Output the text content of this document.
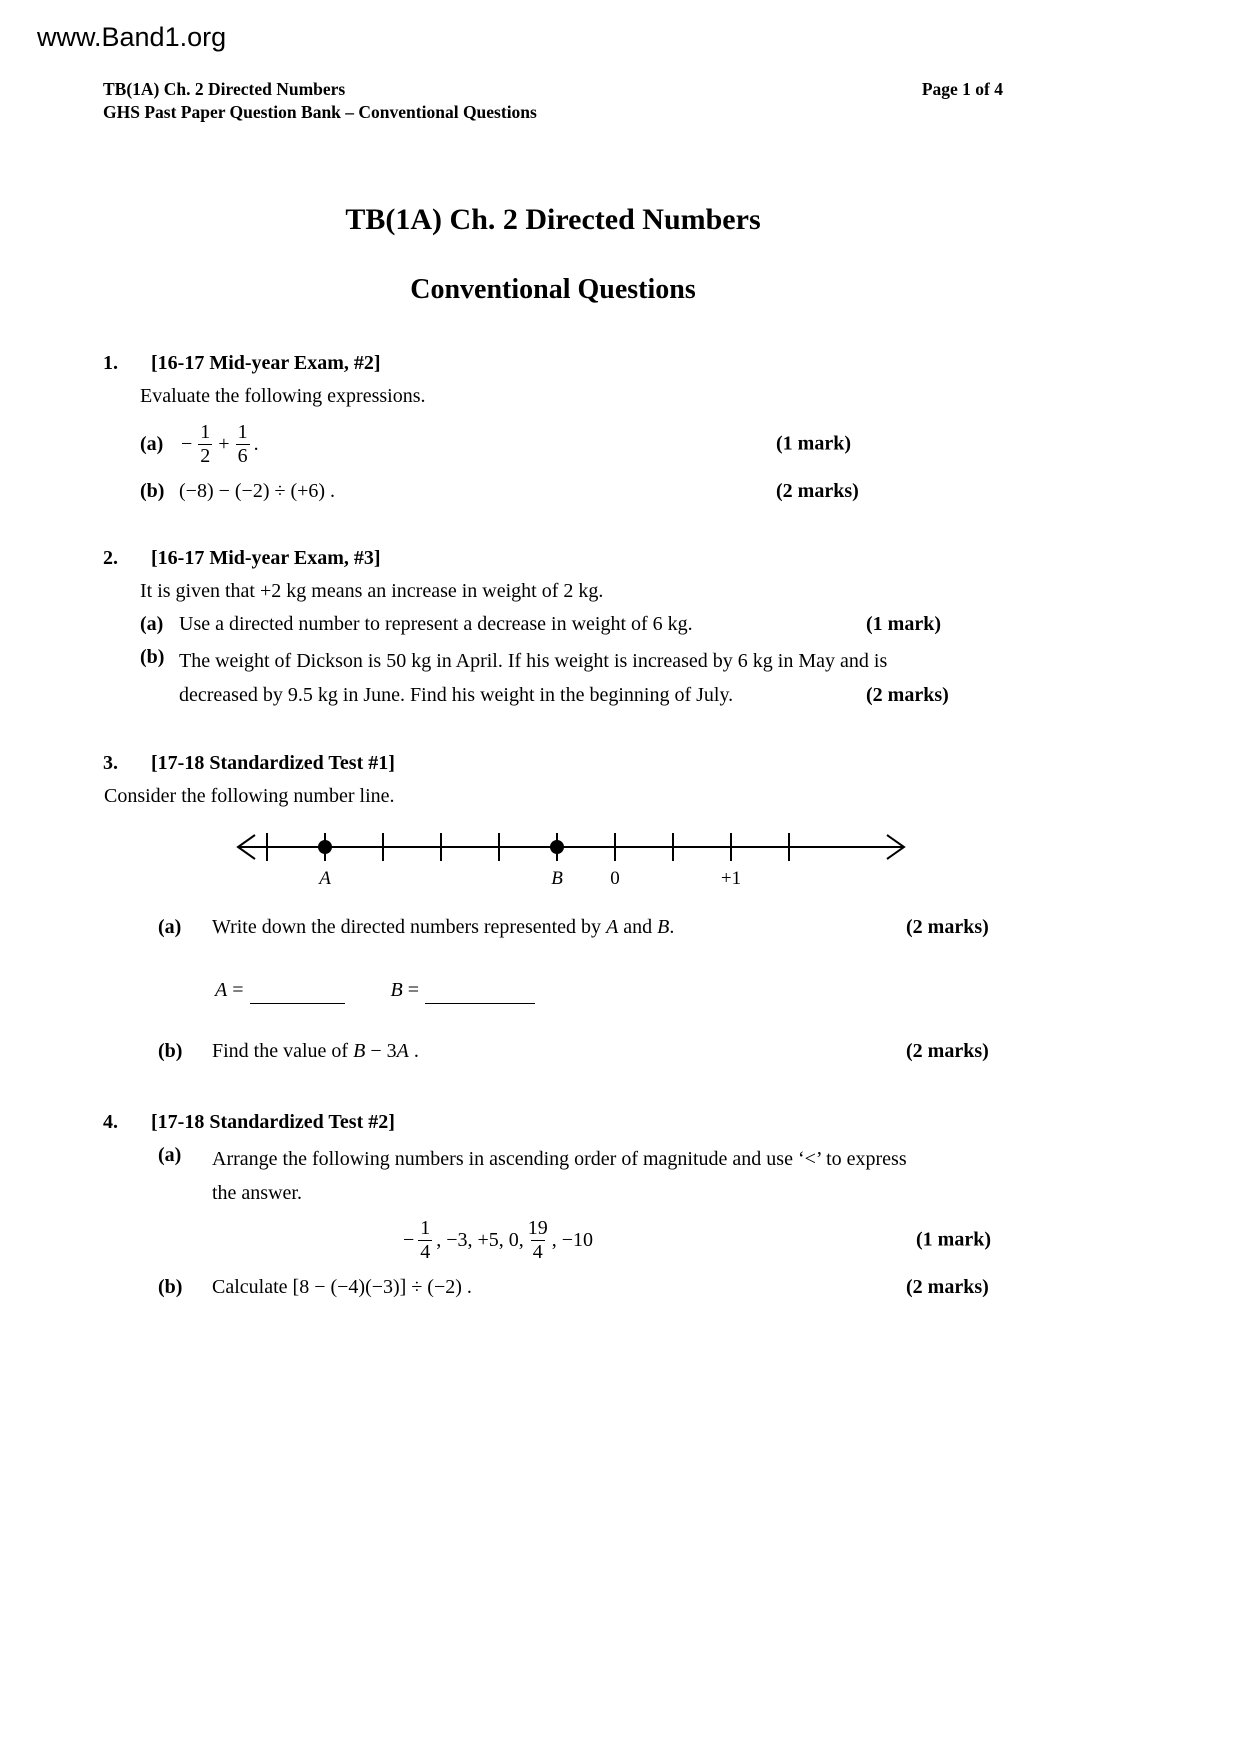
www.Band1.org
TB(1A) Ch. 2 Directed Numbers
GHS Past Paper Question Bank – Conventional Questions
Page 1 of 4
TB(1A) Ch. 2 Directed Numbers
Conventional Questions
1.	[16-17 Mid-year Exam, #2]
Evaluate the following expressions.
$(a) - \frac{1}{2} + \frac{1}{6}$ .	(1 mark)
(b) (−8) − (−2) ÷ (+6) .	(2 marks)
2.	[16-17 Mid-year Exam, #3]
It is given that +2 kg means an increase in weight of 2 kg.
(a) Use a directed number to represent a decrease in weight of 6 kg.	(1 mark)
(b) The weight of Dickson is 50 kg in April. If his weight is increased by 6 kg in May and is
decreased by 9.5 kg in June. Find his weight in the beginning of July.	(2 marks)
3.	[17-18 Standardized Test #1]
Consider the following number line.
A	B 0	+1
(a)	Write down the directed numbers represented by A and B.	(2 marks)
A =	B =
(b)	Find the value of B − 3A .	(2 marks)
4.	[17-18 Standardized Test #2]
(a)	Arrange the following numbers in ascending order of magnitude and use ‘<’ to express
the answer.
− $\frac{1}{4}$ , −3, +5, 0, $\frac{19}{4}$ , −10	(1 mark)
(b)	Calculate [8 − (−4)(−3)] ÷ (−2) .	(2 marks)
